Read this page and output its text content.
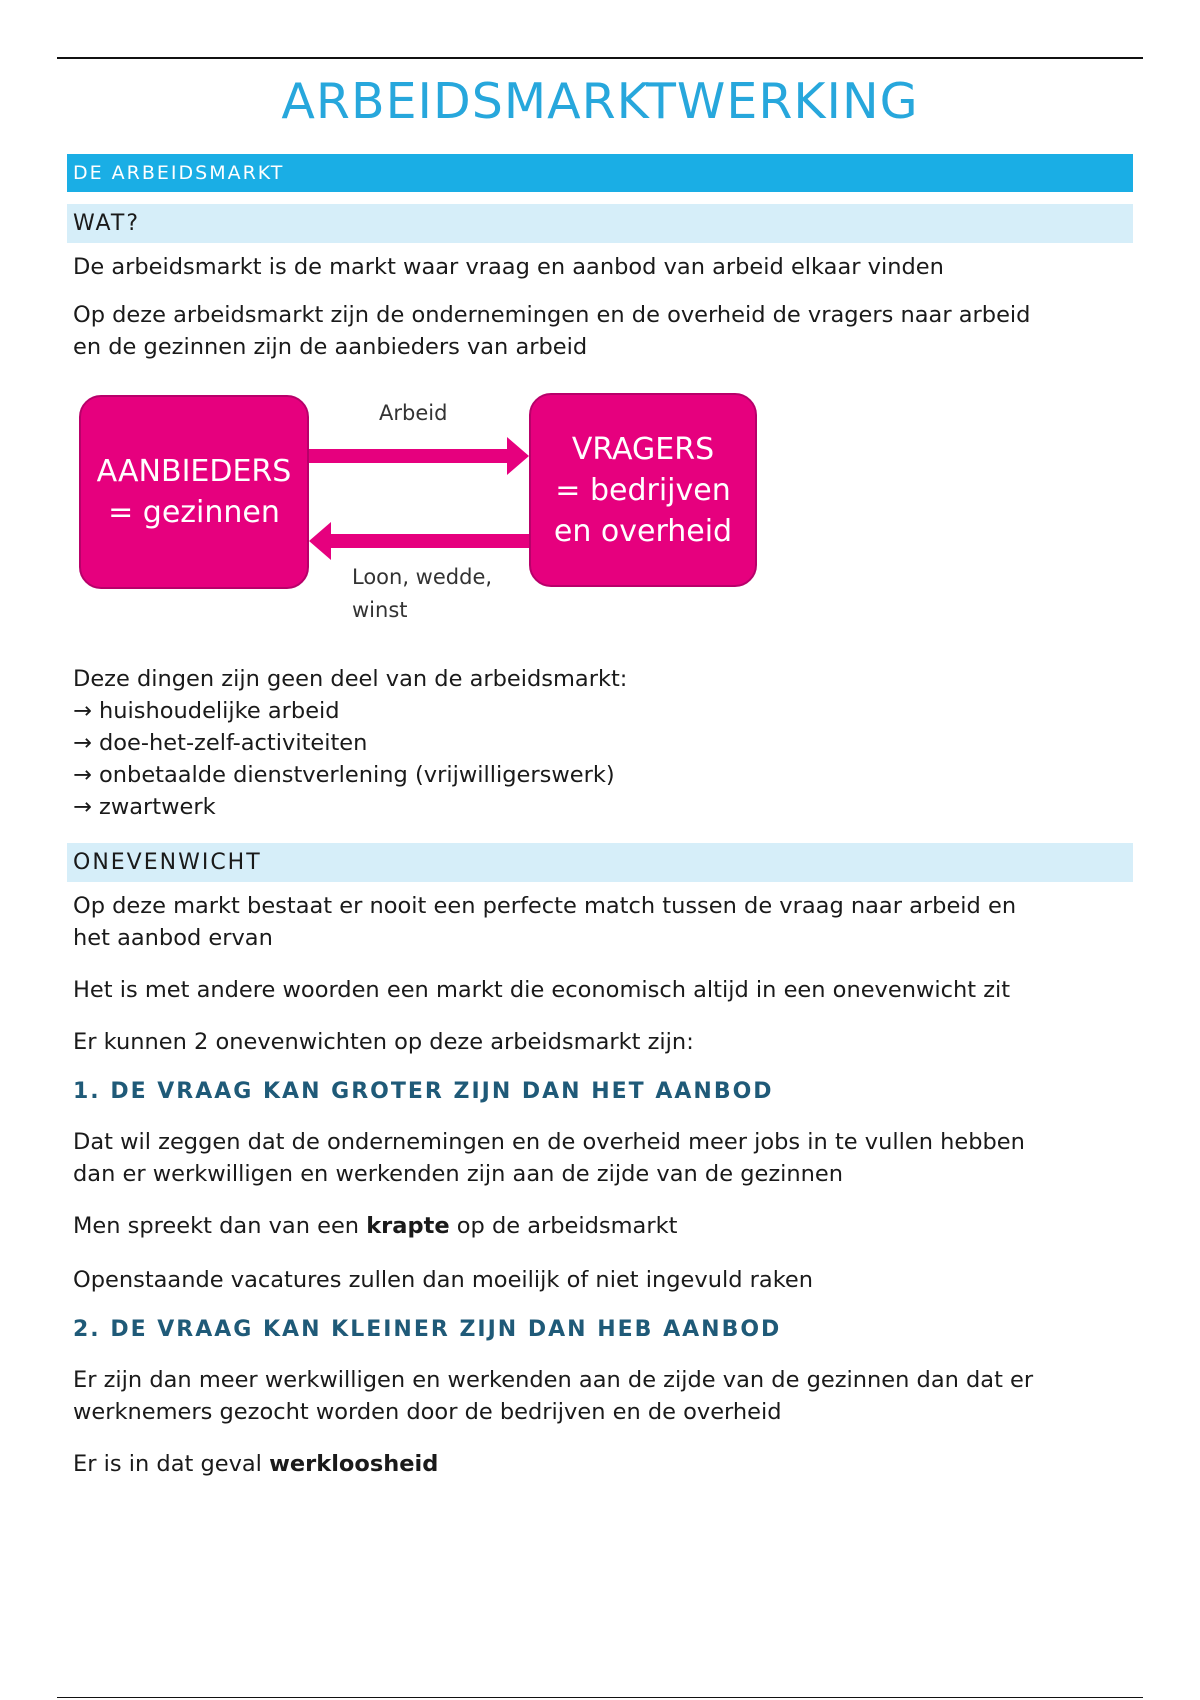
ARBEIDSMARKTWERKING
DE ARBEIDSMARKT
WAT?

De arbeidsmarkt is de markt waar vraag en aanbod van arbeid elkaar vinden

Op deze arbeidsmarkt zijn de ondernemingen en de overheid de vragers naar arbeid
en de gezinnen zijn de aanbieders van arbeid

AANBIEDERS
= gezinnen
VRAGERS
= bedrijven
en overheid
Arbeid
Loon, wedde,
winst

Deze dingen zijn geen deel van de arbeidsmarkt:
→ huishoudelijke arbeid
→ doe-het-zelf-activiteiten
→ onbetaalde dienstverlening (vrijwilligerswerk)
→ zwartwerk

ONEVENWICHT

Op deze markt bestaat er nooit een perfecte match tussen de vraag naar arbeid en
het aanbod ervan

Het is met andere woorden een markt die economisch altijd in een onevenwicht zit

Er kunnen 2 onevenwichten op deze arbeidsmarkt zijn:

1. DE VRAAG KAN GROTER ZIJN DAN HET AANBOD

Dat wil zeggen dat de ondernemingen en de overheid meer jobs in te vullen hebben
dan er werkwilligen en werkenden zijn aan de zijde van de gezinnen

Men spreekt dan van een krapte op de arbeidsmarkt

Openstaande vacatures zullen dan moeilijk of niet ingevuld raken

2. DE VRAAG KAN KLEINER ZIJN DAN HEB AANBOD

Er zijn dan meer werkwilligen en werkenden aan de zijde van de gezinnen dan dat er
werknemers gezocht worden door de bedrijven en de overheid

Er is in dat geval werkloosheid
